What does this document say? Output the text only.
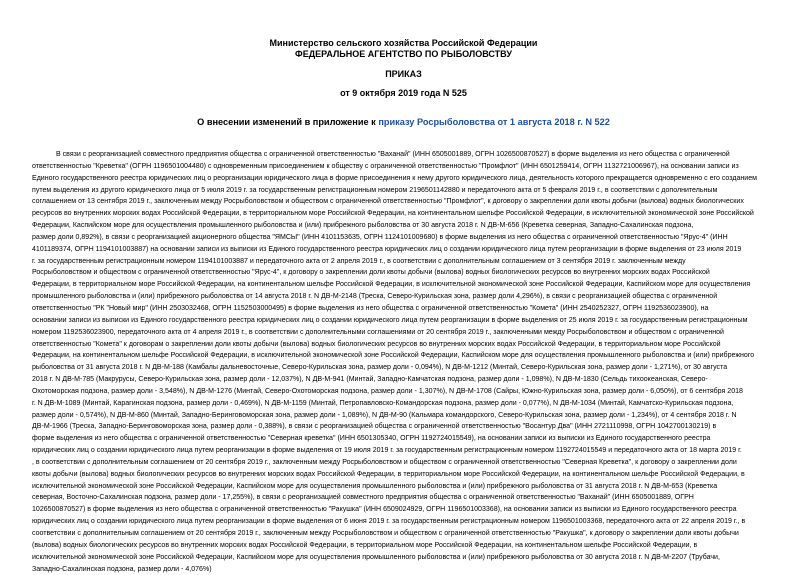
Министерство сельского хозяйства Российской Федерации
ФЕДЕРАЛЬНОЕ АГЕНТСТВО ПО РЫБОЛОВСТВУ
ПРИКАЗ
от 9 октября 2019 года N 525
О внесении изменений в приложение к приказу Росрыболовства от 1 августа 2018 г. N 522
В связи с реорганизацией совместного предприятия общества с ограниченной ответственностью "Ваханай" (ИНН 6505001889, ОГРН 1026500870527) в форме выделения из него общества с ограниченной
ответственностью "Креветка" (ОГРН 1196501004480) с одновременным присоединением к обществу с ограниченной ответственностью "Промфлот" (ИНН 6501259414, ОГРН 1132721006967), на основании записи из
Единого государственного реестра юридических лиц о реорганизации юридического лица в форме присоединения к нему другого юридического лица, деятельность которого прекращается одновременно с его созданием
путем выделения из другого юридического лица от 5 июля 2019 г. за государственным регистрационным номером 2196501142880 и передаточного акта от 5 февраля 2019 г., в соответствии с дополнительным
соглашением от 13 сентября 2019 г., заключенным между Росрыболовством и обществом с ограниченной ответственностью "Промфлот", к договору о закреплении доли квоты добычи (вылова) водных биологических
ресурсов во внутренних морских водах Российской Федерации, в территориальном море Российской Федерации, на континентальном шельфе Российской Федерации, в исключительной экономической зоне Российской
Федерации, Каспийском море для осуществления промышленного рыболовства и (или) прибрежного рыболовства от 30 августа 2018 г. N ДВ-М-656 (Креветка северная, Западно-Сахалинская подзона,
размер доли 0,892%), в связи с реорганизацией акционерного общества "ЯМСЫ" (ИНН 4101153635, ОГРН 1124101009680) в форме выделения из него общества с ограниченной ответственностью "Ярус-4" (ИНН
4101189374, ОГРН 1194101003887) на основании записи из выписки из Единого государственного реестра юридических лиц о создании юридического лица путем реорганизации в форме выделения от 23 июля 2019
г. за государственным регистрационным номером 1194101003887 и передаточного акта от 2 апреля 2019 г., в соответствии с дополнительным соглашением от 3 сентября 2019 г. заключенным между
Росрыболовством и обществом с ограниченной ответственностью "Ярус-4", к договору о закреплении доли квоты добычи (вылова) водных биологических ресурсов во внутренних морских водах Российской
Федерации, в территориальном море Российской Федерации, на континентальном шельфе Российской Федерации, в исключительной экономической зоне Российской Федерации, Каспийском море для осуществления
промышленного рыболовства и (или) прибрежного рыболовства от 14 августа 2018 г. N ДВ-М-2148 (Треска, Северо-Курильская зона, размер доли 4,296%), в связи с реорганизацией общества с ограниченной
ответственностью "РК "Новый мир" (ИНН 2503032468, ОГРН 1152503000495) в форме выделения из него общества с ограниченной ответственностью "Комета" (ИНН 2540252327, ОГРН 1192536023900), на
основании записи из выписки из Единого государственного реестра юридических лиц о создании юридического лица путем реорганизации в форме выделения от 25 июля 2019 г. за государственным регистрационным
номером 1192536023900, передаточного акта от 4 апреля 2019 г., в соответствии с дополнительными соглашениями от 20 сентября 2019 г., заключенными между Росрыболовством и обществом с ограниченной
ответственностью "Комета" к договорам о закреплении доли квоты добычи (вылова) водных биологических ресурсов во внутренних морских водах Российской Федерации, в территориальном море Российской
Федерации, на континентальном шельфе Российской Федерации, в исключительной экономической зоне Российской Федерации, Каспийском море для осуществления промышленного рыболовства и (или) прибрежного
рыболовства от 31 августа 2018 г. N ДВ-М-188 (Камбалы дальневосточные, Северо-Курильская зона, размер доли - 0,094%), N ДВ-М-1212 (Минтай, Северо-Курильская зона, размер доли - 1,271%), от 30 августа
2018 г. N ДВ-М-785 (Макрурусы, Северо-Курильская зона, размер доли - 12,037%), N ДВ-М-941 (Минтай, Западно-Камчатская подзона, размер доли - 1,098%), N ДВ-М-1830 (Сельдь тихоокеанская, Северо-
Охотоморская подзона, размер доли - 3,548%), N ДВ-М-1276 (Минтай, Северо-Охотоморская подзона, размер доли - 1,307%), N ДВ-М-1708 (Сайры, Южно-Курильская зона, размер доли - 6,050%), от 6 сентября 2018
г. N ДВ-М-1089 (Минтай, Карагинская подзона, размер доли - 0,469%), N ДВ-М-1159 (Минтай, Петропавловско-Командорская подзона, размер доли - 0,077%), N ДВ-М-1034 (Минтай, Камчатско-Курильская подзона,
размер доли - 0,574%), N ДВ-М-860 (Минтай, Западно-Беринговоморская зона, размер доли - 1,089%), N ДВ-М-90 (Кальмара командорского, Северо-Курильская зона, размер доли - 1,234%), от 4 сентября 2018 г. N
ДВ-М-1966 (Треска, Западно-Беринговоморская зона, размер доли - 0,388%), в связи с реорганизацией общества с ограниченной ответственностью "Восантур Два" (ИНН 2721110998, ОГРН 1042700130219) в
форме выделения из него общества с ограниченной ответственностью "Северная креветка" (ИНН 6501305340, ОГРН 1192724015549), на основании записи из выписки из Единого государственного реестра
юридических лиц о создании юридического лица путем реорганизации в форме выделения от 19 июля 2019 г. за государственным регистрационным номером 1192724015549 и передаточного акта от 18 марта 2019 г.
, в соответствии с дополнительным соглашением от 20 сентября 2019 г., заключенным между Росрыболовством и обществом с ограниченной ответственностью "Северная Креветка", к договору о закреплении доли
квоты добычи (вылова) водных биологических ресурсов во внутренних морских водах Российской Федерации, в территориальном море Российской Федерации, на континентальном шельфе Российской Федерации, в
исключительной экономической зоне Российской Федерации, Каспийском море для осуществления промышленного рыболовства и (или) прибрежного рыболовства от 31 августа 2018 г. N ДВ-М-653 (Креветка
северная, Восточно-Сахалинская подзона, размер доли - 17,255%), в связи с реорганизацией совместного предприятия общества с ограниченной ответственностью "Ваханай" (ИНН 6505001889, ОГРН
1026500870527) в форме выделения из него общества с ограниченной ответственностью "Ракушка" (ИНН 6509024929, ОГРН 1196501003368), на основании записи из выписки из Единого государственного реестра
юридических лиц о создании юридического лица путем реорганизации в форме выделения от 6 июня 2019 г. за государственным регистрационным номером 1196501003368, передаточного акта от 22 апреля 2019 г., в
соответствии с дополнительным соглашением от 20 сентября 2019 г., заключенным между Росрыболовством и обществом с ограниченной ответственностью "Ракушка", к договору о закреплении доли квоты добычи
(вылова) водных биологических ресурсов во внутренних морских водах Российской Федерации, в территориальном море Российской Федерации, на континентальном шельфе Российской Федерации, в
исключительной экономической зоне Российской Федерации, Каспийском море для осуществления промышленного рыболовства и (или) прибрежного рыболовства от 30 августа 2018 г. N ДВ-М-2207 (Трубачи,
Западно-Сахалинская подзона, размер доли - 4,076%)
